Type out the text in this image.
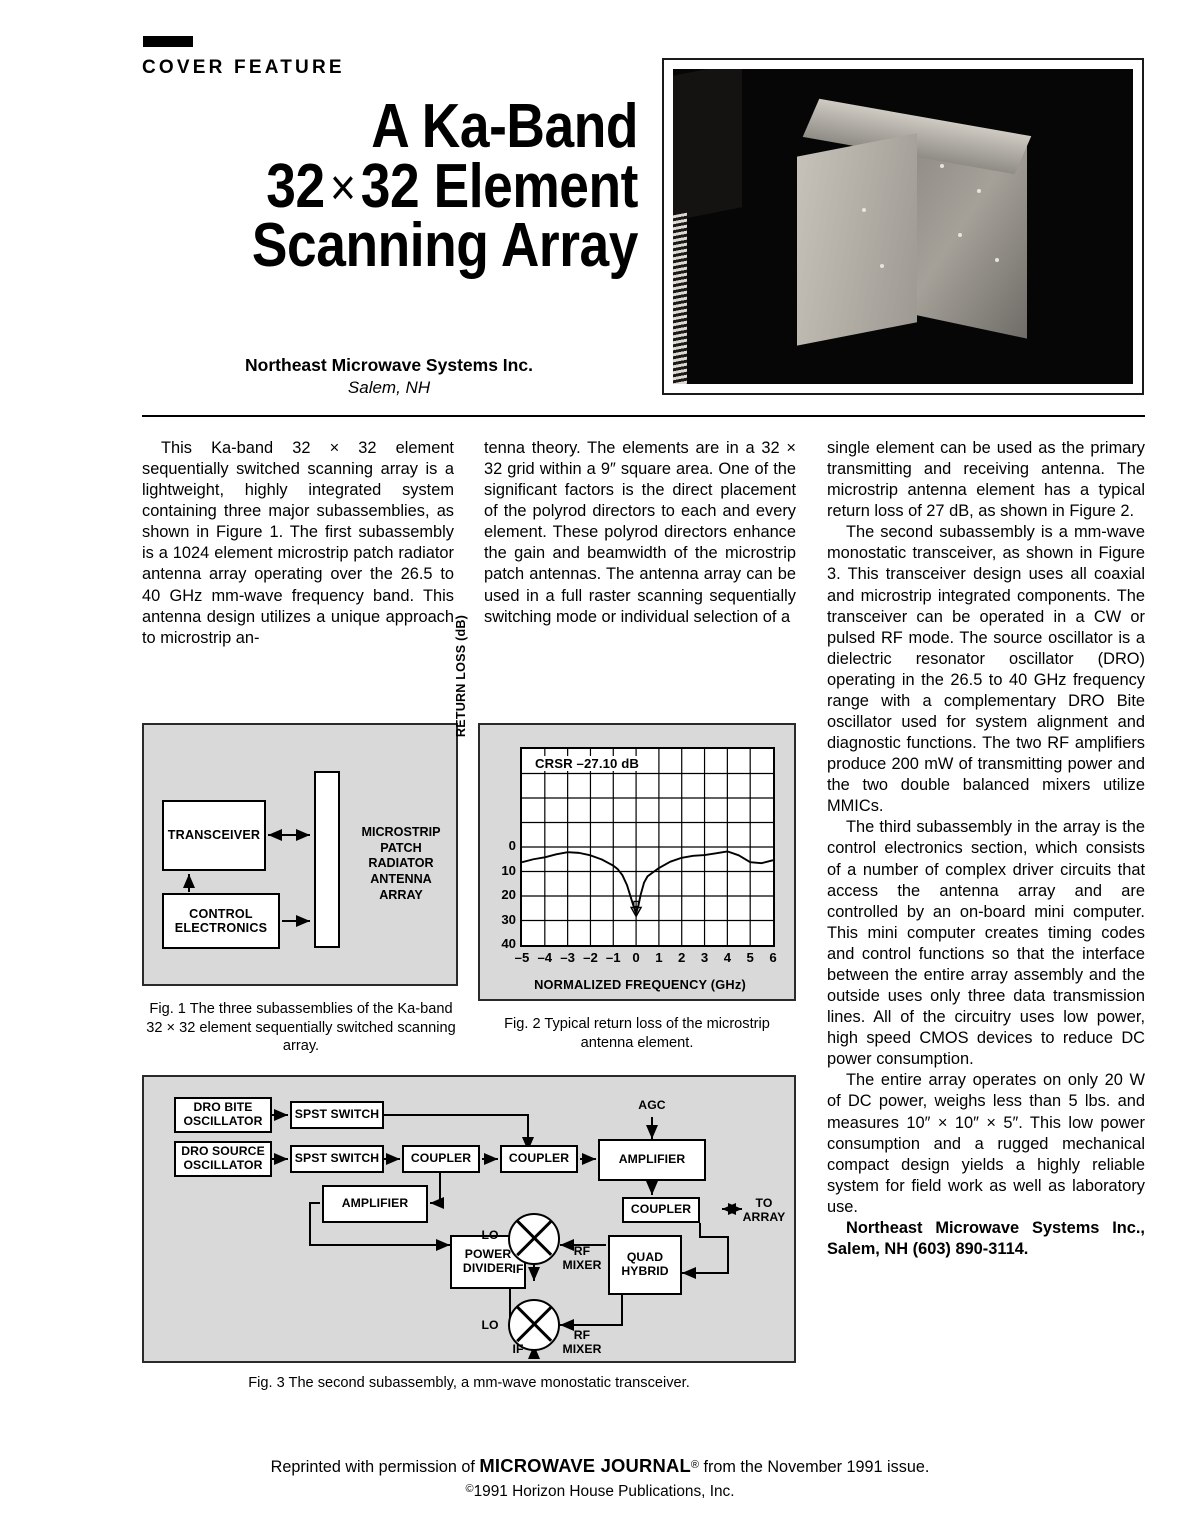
COVER FEATURE
A Ka-Band
32×32 Element
Scanning Array
Northeast Microwave Systems Inc.
Salem, NH

This Ka-band 32 × 32 element sequentially switched scanning array is a lightweight, highly integrated system containing three major subassemblies, as shown in Figure 1. The first subassembly is a 1024 element microstrip patch radiator antenna array operating over the 26.5 to 40 GHz mm-wave frequency band. This antenna design utilizes a unique approach to microstrip an-

tenna theory. The elements are in a 32 × 32 grid within a 9″ square area. One of the significant factors is the direct placement of the polyrod directors to each and every element. These polyrod directors enhance the gain and beamwidth of the microstrip patch antennas. The antenna array can be used in a full raster scanning sequentially switching mode or individual selection of a

single element can be used as the primary transmitting and receiving antenna. The microstrip antenna element has a typical return loss of 27 dB, as shown in Figure 2.

The second subassembly is a mm-wave monostatic transceiver, as shown in Figure 3. This transceiver design uses all coaxial and microstrip integrated components. The transceiver can be operated in a CW or pulsed RF mode. The source oscillator is a dielectric resonator oscillator (DRO) operating in the 26.5 to 40 GHz frequency range with a complementary DRO Bite oscillator used for system alignment and diagnostic functions. The two RF amplifiers produce 200 mW of transmitting power and the two double balanced mixers utilize MMICs.

The third subassembly in the array is the control electronics section, which consists of a number of complex driver circuits that access the antenna array and are controlled by an on-board mini computer. This mini computer creates timing codes and control functions so that the interface between the entire array assembly and the outside uses only three data transmission lines. All of the circuitry uses low power, high speed CMOS devices to reduce DC power consumption.

The entire array operates on only 20 W of DC power, weighs less than 5 lbs. and measures 10″ × 10″ × 5″. This low power consumption and a rugged mechanical compact design yields a highly reliable system for field work as well as laboratory use.

Northeast Microwave Systems Inc., Salem, NH (603) 890-3114.

TRANSCEIVER
CONTROL ELECTRONICS
MICROSTRIP PATCH RADIATOR ANTENNA ARRAY
Fig. 1 The three subassemblies of the Ka-band 32 × 32 element sequentially switched scanning array.
RETURN LOSS (dB)
NORMALIZED FREQUENCY (GHz)
CRSR –27.10 dB
0
10
20
30
40
–5 –4 –3 –2 –1 0	1	2	3	4	5	6
Fig. 2 Typical return loss of the microstrip antenna element.
DRO BITE OSCILLATOR
DRO SOURCE OSCILLATOR
SPST SWITCH
SPST SWITCH	COUPLER	COUPLER	AMPLIFIER
AMPLIFIER	COUPLER
POWER DIVIDER
QUAD HYBRID
AGC
TO ARRAY
LO
LO
IF
IF
RF MIXER
RF MIXER
Fig. 3 The second subassembly, a mm-wave monostatic transceiver.
Reprinted with permission of MICROWAVE JOURNAL® from the November 1991 issue.
©1991 Horizon House Publications, Inc.
